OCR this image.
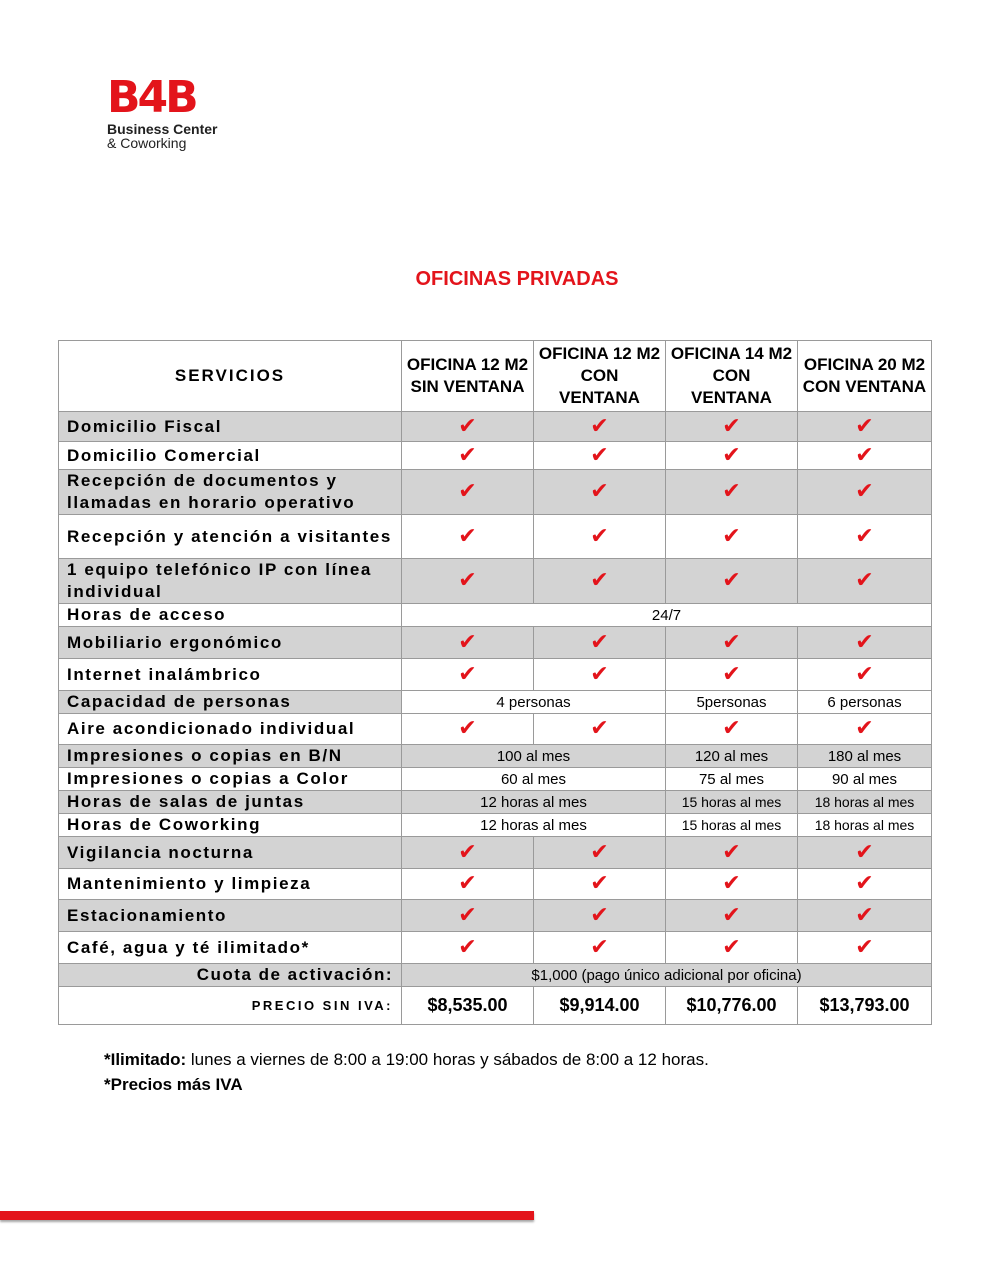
B4B
Business Center
& Coworking
OFICINAS PRIVADAS
SERVICIOS	OFICINA 12 M2 SIN VENTANA	OFICINA 12 M2 CON VENTANA	OFICINA 14 M2 CON VENTANA	OFICINA 20 M2 CON VENTANA
Domicilio Fiscal	✔	✔	✔	✔
Domicilio Comercial	✔	✔	✔	✔
Recepción de documentos y llamadas en horario operativo	✔	✔	✔	✔
Recepción y atención a visitantes	✔	✔	✔	✔
1 equipo telefónico IP con línea individual	✔	✔	✔	✔
Horas de acceso	24/7			
Mobiliario ergonómico	✔	✔	✔	✔
Internet inalámbrico	✔	✔	✔	✔
Capacidad de personas	4 personas		5personas	6 personas
Aire acondicionado individual	✔	✔	✔	✔
Impresiones o copias en B/N	100 al mes		120 al mes	180 al mes
Impresiones o copias a Color	60 al mes		75 al mes	90 al mes
Horas de salas de juntas	12 horas al mes		15 horas al mes	18 horas al mes
Horas de Coworking	12 horas al mes		15 horas al mes	18 horas al mes
Vigilancia nocturna	✔	✔	✔	✔
Mantenimiento y limpieza	✔	✔	✔	✔
Estacionamiento	✔	✔	✔	✔
Café, agua y té ilimitado*	✔	✔	✔	✔
Cuota de activación:	$1,000 (pago único adicional por oficina)			
PRECIO SIN IVA:	$8,535.00	$9,914.00	$10,776.00	$13,793.00
*Ilimitado: lunes a viernes de 8:00 a 19:00 horas y sábados de 8:00 a 12 horas.
*Precios más IVA
